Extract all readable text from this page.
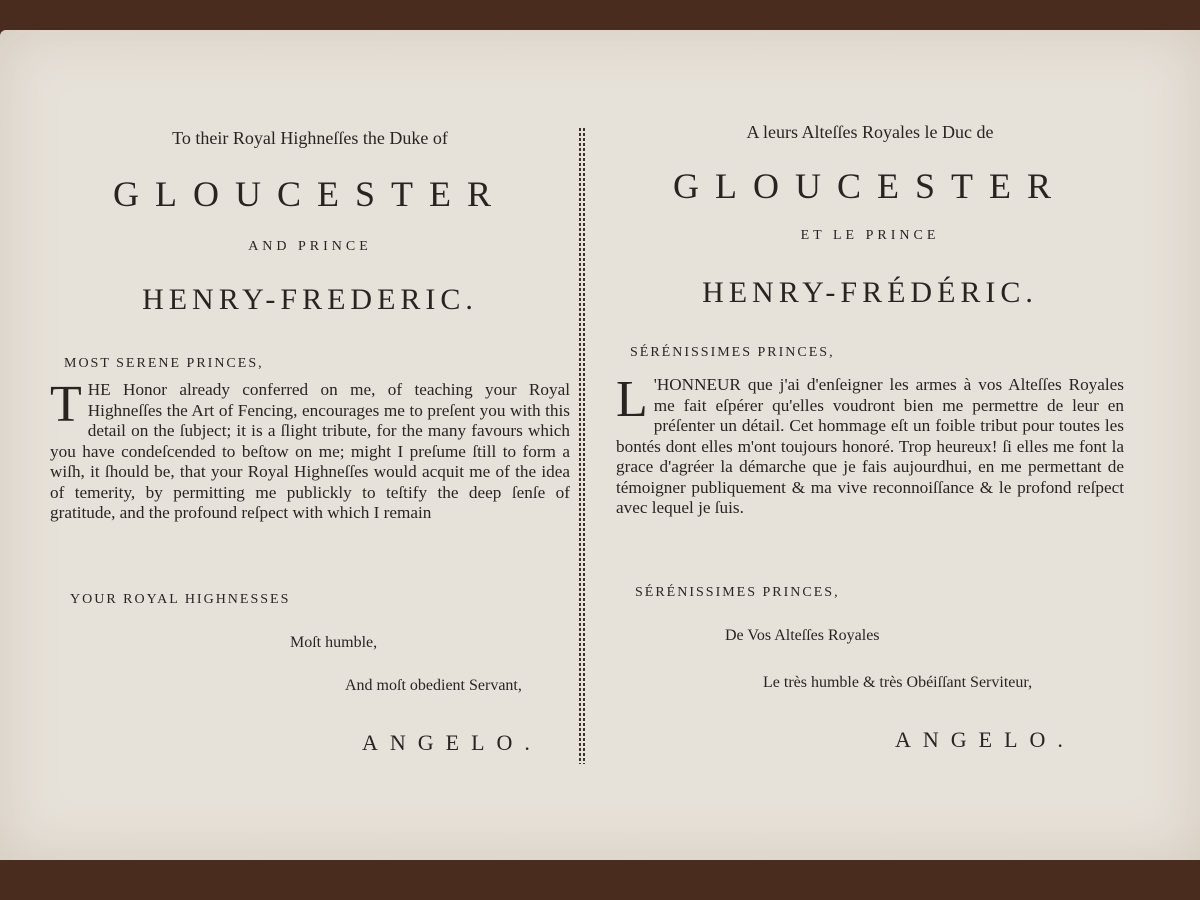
To their Royal Highneſſes the Duke of
GLOUCESTER
AND PRINCE
HENRY-FREDERIC.
MOST SERENE PRINCES,
T HE Honor already conferred on me, of teaching your Royal Highneſſes the Art of Fencing, encourages me to preſent you with this detail on the ſubject; it is a ſlight tribute, for the many favours which you have condeſcended to beſtow on me; might I preſume ſtill to form a wiſh, it ſhould be, that your Royal Highneſſes would acquit me of the idea of temerity, by permitting me publickly to teſtify the deep ſenſe of gratitude, and the profound reſpect with which I remain

YOUR ROYAL HIGHNESSES
Moſt humble,
And moſt obedient Servant,
ANGELO.
A leurs Alteſſes Royales le Duc de
GLOUCESTER
ET LE PRINCE
HENRY-FRÉDÉRIC.
SÉRÉNISSIMES PRINCES,
L 'HONNEUR que j'ai d'enſeigner les armes à vos Alteſſes Royales me fait eſpérer qu'elles voudront bien me permettre de leur en préſenter un détail. Cet hommage eſt un foible tribut pour toutes les bontés dont elles m'ont toujours honoré. Trop heureux! ſi elles me font la grace d'agréer la démarche que je fais aujourdhui, en me permettant de témoigner publiquement & ma vive reconnoiſſance & le profond reſpect avec lequel je ſuis.

SÉRÉNISSIMES PRINCES,
De Vos Alteſſes Royales
Le très humble & très Obéiſſant Serviteur,
ANGELO.
